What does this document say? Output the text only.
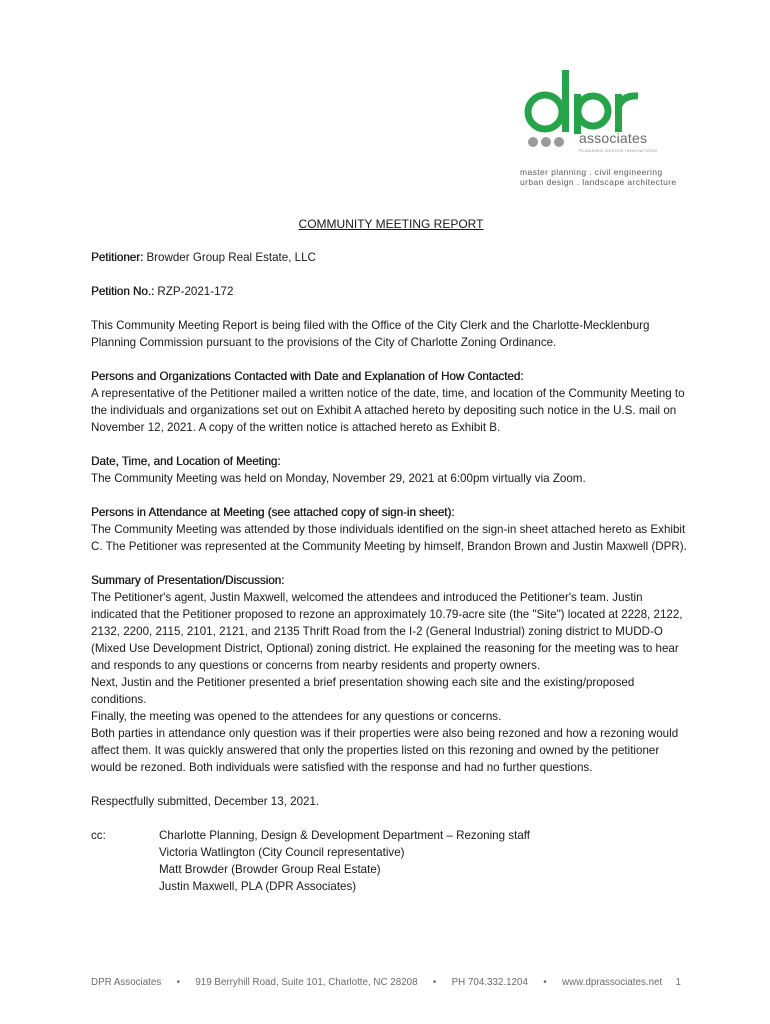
associates
PLANNING DESIGN INNOVATIONS
master planning . civil engineering
urban design . landscape architecture
COMMUNITY MEETING REPORT

Petitioner: Browder Group Real Estate, LLC

Petition No.: RZP-2021-172

This Community Meeting Report is being filed with the Office of the City Clerk and the Charlotte-Mecklenburg Planning Commission pursuant to the provisions of the City of Charlotte Zoning Ordinance.

Persons and Organizations Contacted with Date and Explanation of How Contacted:
A representative of the Petitioner mailed a written notice of the date, time, and location of the Community Meeting to the individuals and organizations set out on Exhibit A attached hereto by depositing such notice in the U.S. mail on November 12, 2021. A copy of the written notice is attached hereto as Exhibit B.

Date, Time, and Location of Meeting:
The Community Meeting was held on Monday, November 29, 2021 at 6:00pm virtually via Zoom.

Persons in Attendance at Meeting (see attached copy of sign-in sheet):
The Community Meeting was attended by those individuals identified on the sign-in sheet attached hereto as Exhibit C. The Petitioner was represented at the Community Meeting by himself, Brandon Brown and Justin Maxwell (DPR).

Summary of Presentation/Discussion:
The Petitioner's agent, Justin Maxwell, welcomed the attendees and introduced the Petitioner's team. Justin indicated that the Petitioner proposed to rezone an approximately 10.79-acre site (the "Site") located at 2228, 2122, 2132, 2200, 2115, 2101, 2121, and 2135 Thrift Road from the I-2 (General Industrial) zoning district to MUDD-O (Mixed Use Development District, Optional) zoning district. He explained the reasoning for the meeting was to hear and responds to any questions or concerns from nearby residents and property owners.
Next, Justin and the Petitioner presented a brief presentation showing each site and the existing/proposed conditions.
Finally, the meeting was opened to the attendees for any questions or concerns.
Both parties in attendance only question was if their properties were also being rezoned and how a rezoning would affect them. It was quickly answered that only the properties listed on this rezoning and owned by the petitioner would be rezoned. Both individuals were satisfied with the response and had no further questions.

Respectfully submitted, December 13, 2021.

cc:	Charlotte Planning, Design & Development Department – Rezoning staff
Victoria Watlington (City Council representative)
Matt Browder (Browder Group Real Estate)
Justin Maxwell, PLA (DPR Associates)
DPR Associates • 919 Berryhill Road, Suite 101, Charlotte, NC 28208 • PH 704.332.1204 • www.dprassociates.net 1
